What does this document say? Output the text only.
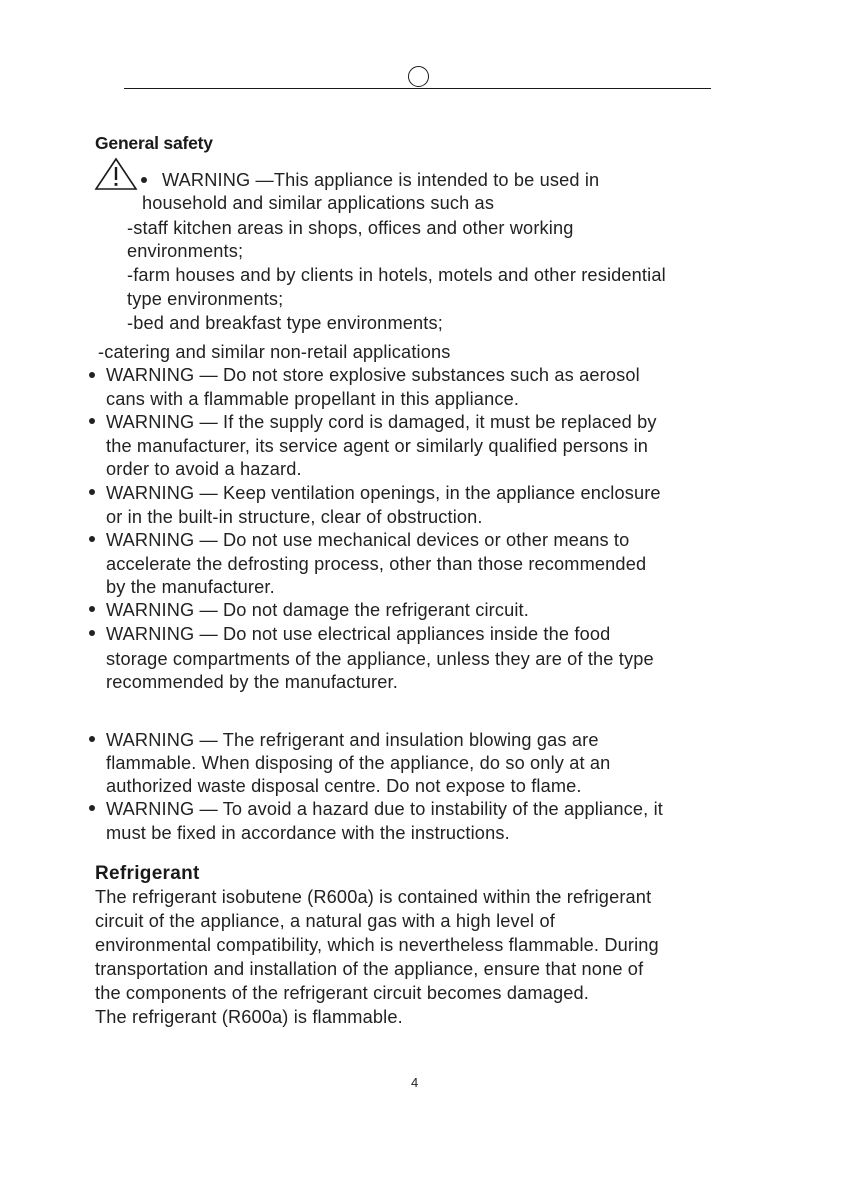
General safety
WARNING —This appliance is intended to be used in
household and similar applications such as
-staff kitchen areas in shops, offices and other working
environments;
-farm houses and by clients in hotels, motels and other residential
type environments;
-bed and breakfast type environments;
-catering and similar non-retail applications
WARNING — Do not store explosive substances such as aerosol
cans with a flammable propellant in this appliance.
WARNING — If the supply cord is damaged, it must be replaced by
the manufacturer, its service agent or similarly qualified persons in
order to avoid a hazard.
WARNING — Keep ventilation openings, in the appliance enclosure
or in the built-in structure, clear of obstruction.
WARNING — Do not use mechanical devices or other means to
accelerate the defrosting process, other than those recommended
by the manufacturer.
WARNING — Do not damage the refrigerant circuit.
WARNING — Do not use electrical appliances inside the food
storage compartments of the appliance, unless they are of the type
recommended by the manufacturer.
WARNING — The refrigerant and insulation blowing gas are
flammable. When disposing of the appliance, do so only at an
authorized waste disposal centre. Do not expose to flame.
WARNING — To avoid a hazard due to instability of the appliance, it
must be fixed in accordance with the instructions.
Refrigerant
The refrigerant isobutene (R600a) is contained within the refrigerant
circuit of the appliance, a natural gas with a high level of
environmental compatibility, which is nevertheless flammable. During
transportation and installation of the appliance, ensure that none of
the components of the refrigerant circuit becomes damaged.
The refrigerant (R600a) is flammable.
4
